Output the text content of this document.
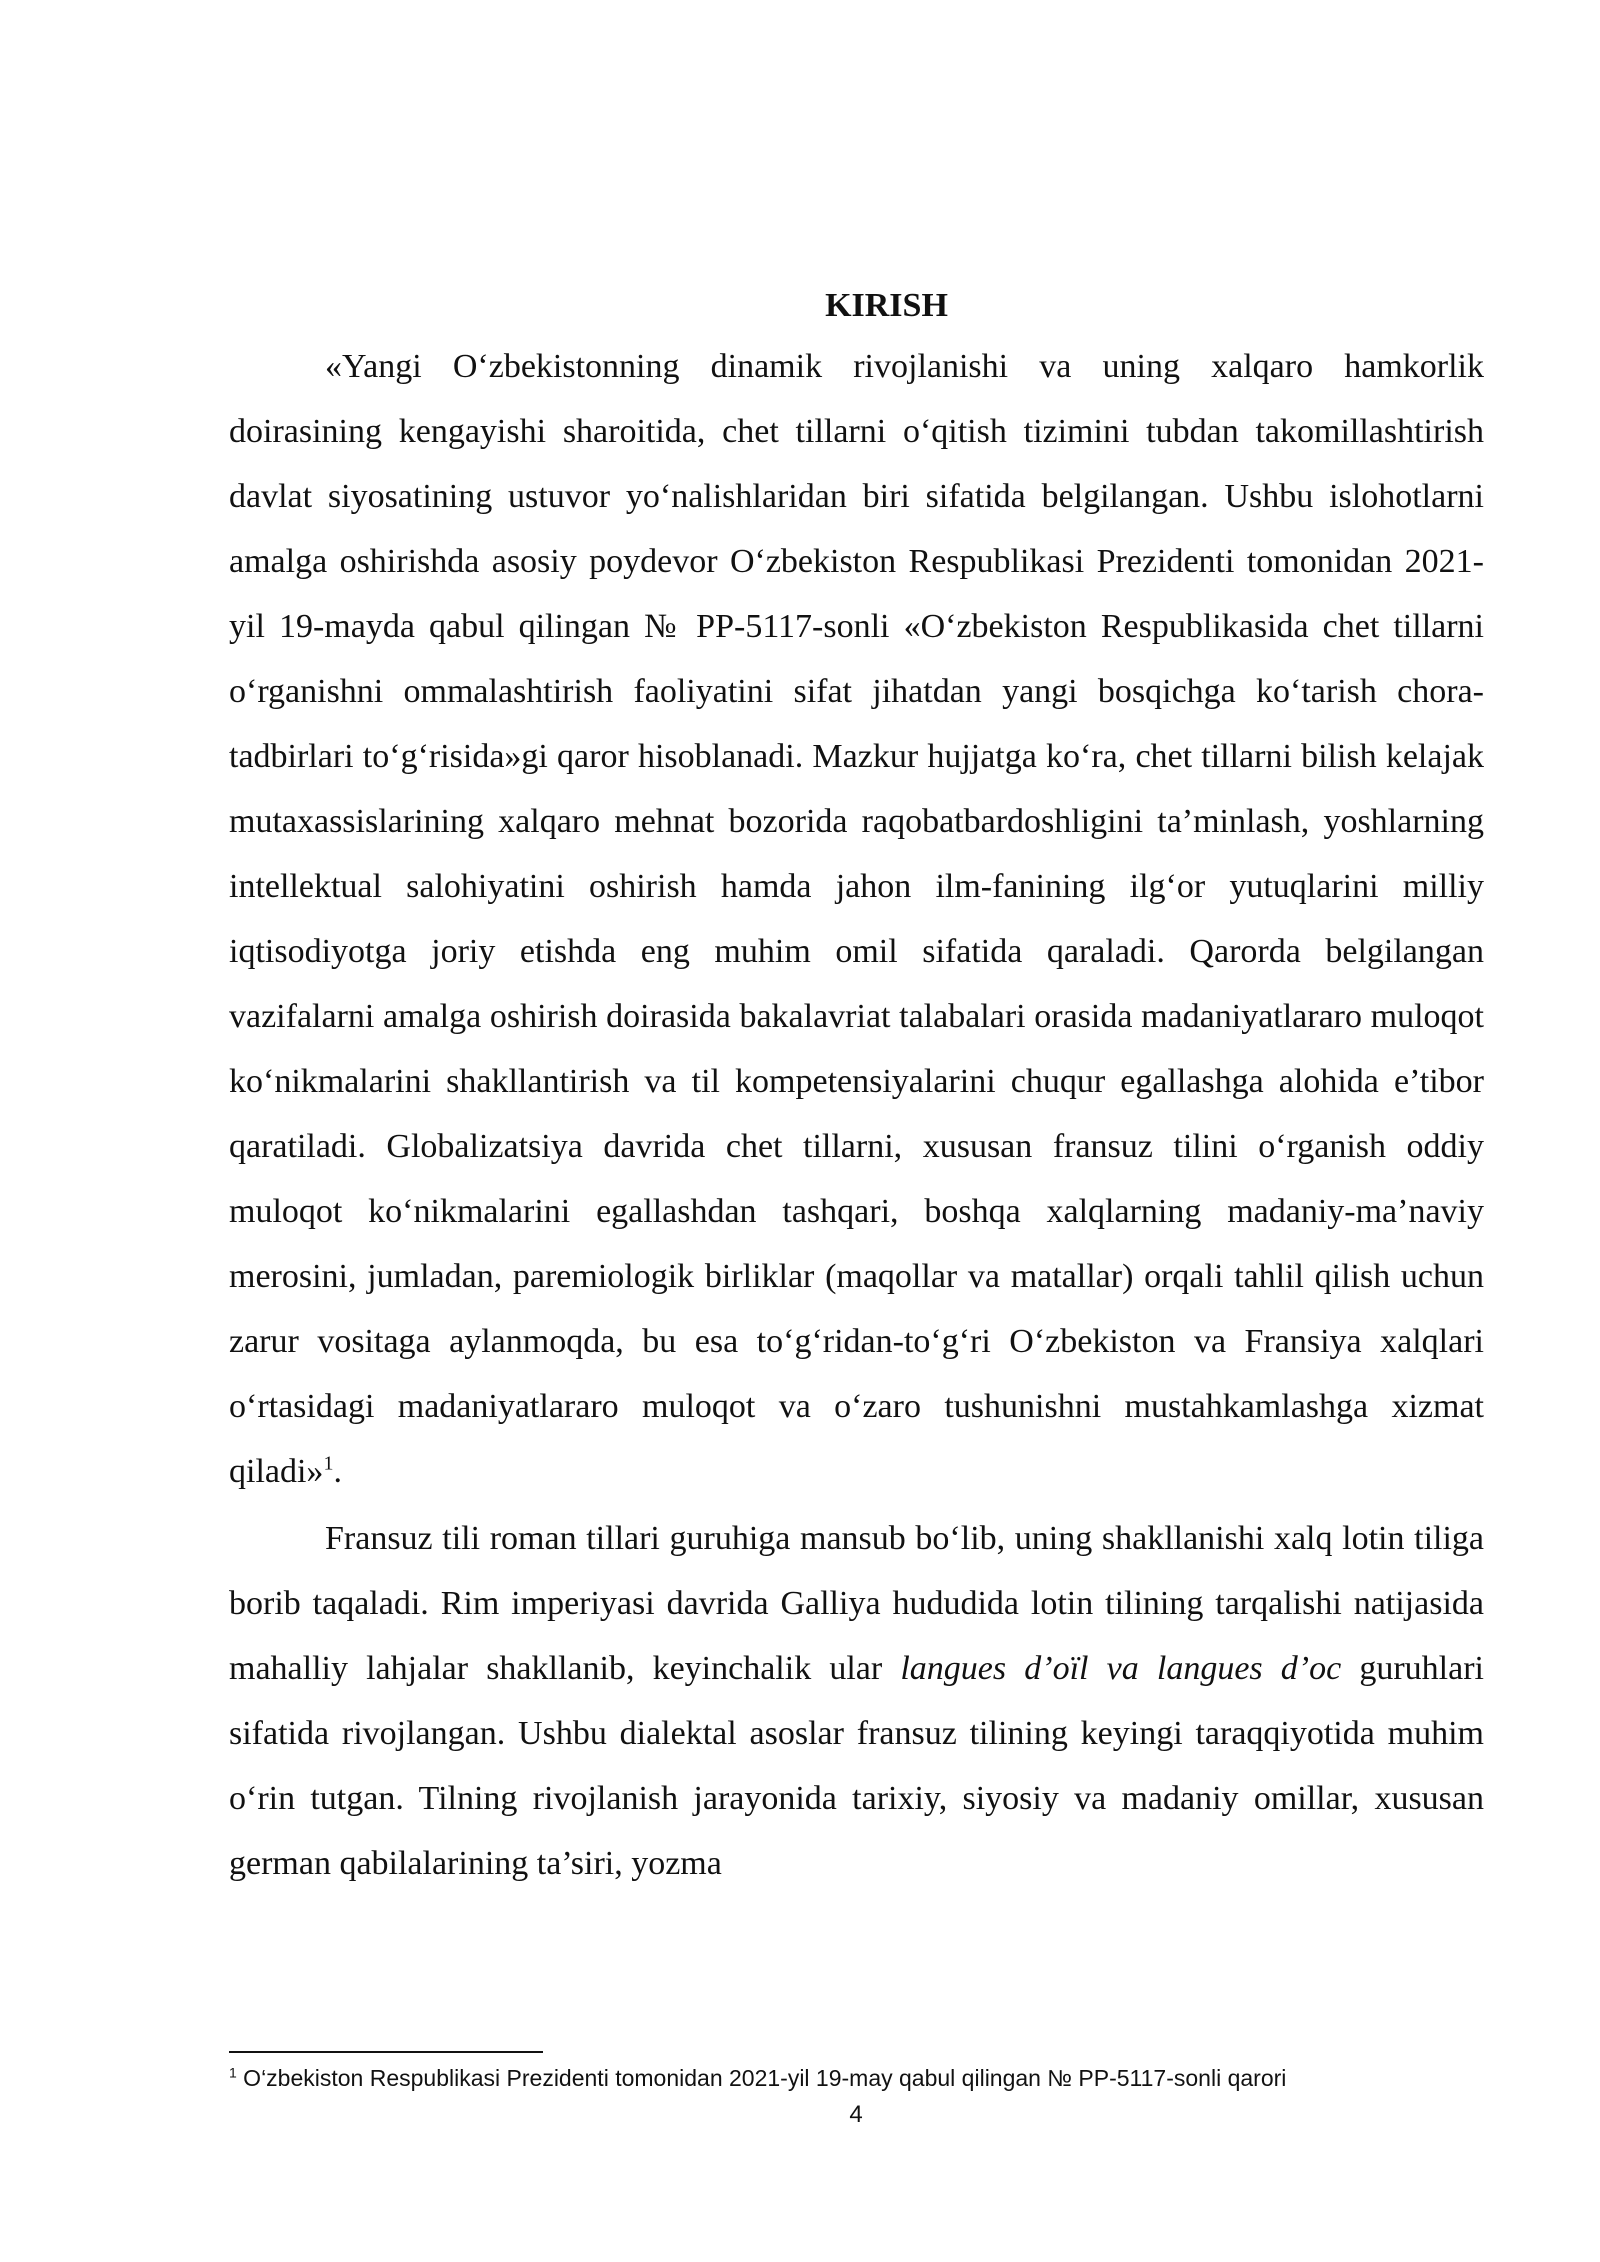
KIRISH

«Yangi O‘zbekistonning dinamik rivojlanishi va uning xalqaro hamkorlik doirasining kengayishi sharoitida, chet tillarni o‘qitish tizimini tubdan takomillashtirish davlat siyosatining ustuvor yo‘nalishlaridan biri sifatida belgilangan. Ushbu islohotlarni amalga oshirishda asosiy poydevor O‘zbekiston Respublikasi Prezidenti tomonidan 2021-yil 19-mayda qabul qilingan № PP-5117-sonli «O‘zbekiston Respublikasida chet tillarni o‘rganishni ommalashtirish faoliyatini sifat jihatdan yangi bosqichga ko‘tarish chora-tadbirlari to‘g‘risida»gi qaror hisoblanadi. Mazkur hujjatga ko‘ra, chet tillarni bilish kelajak mutaxassislarining xalqaro mehnat bozorida raqobatbardoshligini ta’minlash, yoshlarning intellektual salohiyatini oshirish hamda jahon ilm-fanining ilg‘or yutuqlarini milliy iqtisodiyotga joriy etishda eng muhim omil sifatida qaraladi. Qarorda belgilangan vazifalarni amalga oshirish doirasida bakalavriat talabalari orasida madaniyatlararo muloqot ko‘nikmalarini shakllantirish va til kompetensiyalarini chuqur egallashga alohida e’tibor qaratiladi. Globalizatsiya davrida chet tillarni, xususan fransuz tilini o‘rganish oddiy muloqot ko‘nikmalarini egallashdan tashqari, boshqa xalqlarning madaniy-ma’naviy merosini, jumladan, paremiologik birliklar (maqollar va matallar) orqali tahlil qilish uchun zarur vositaga aylanmoqda, bu esa to‘g‘ridan-to‘g‘ri O‘zbekiston va Fransiya xalqlari o‘rtasidagi madaniyatlararo muloqot va o‘zaro tushunishni mustahkamlashga xizmat qiladi»$^1$.

Fransuz tili roman tillari guruhiga mansub bo‘lib, uning shakllanishi xalq lotin tiliga borib taqaladi. Rim imperiyasi davrida Galliya hududida lotin tilining tarqalishi natijasida mahalliy lahjalar shakllanib, keyinchalik ular langues d’oïl va langues d’oc guruhlari sifatida rivojlangan. Ushbu dialektal asoslar fransuz tilining keyingi taraqqiyotida muhim o‘rin tutgan. Tilning rivojlanish jarayonida tarixiy, siyosiy va madaniy omillar, xususan german qabilalarining ta’siri, yozma

$^1$ O‘zbekiston Respublikasi Prezidenti tomonidan 2021-yil 19-may qabul qilingan № PP-5117-sonli qarori

4
